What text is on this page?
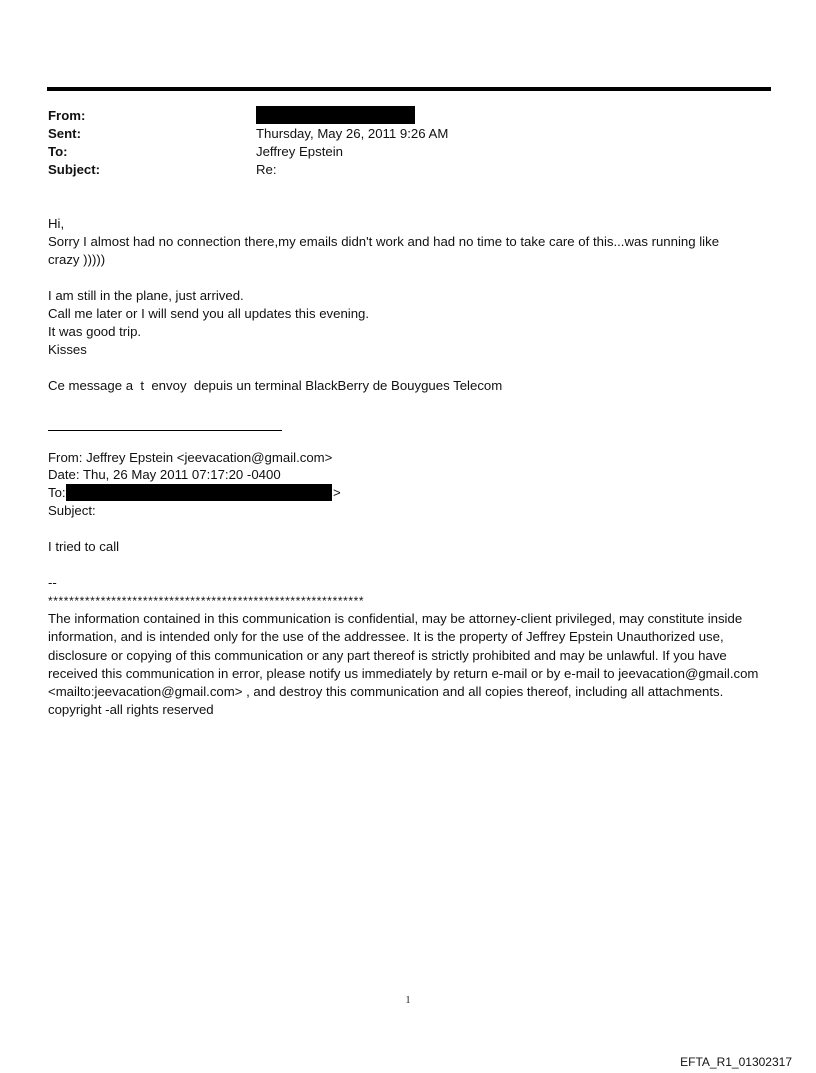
From:
Sent:	Thursday, May 26, 2011 9:26 AM
To:	Jeffrey Epstein
Subject:	Re:
Hi,
Sorry I almost had no connection there,my emails didn't work and had no time to take care of this...was running like crazy )))))
I am still in the plane, just arrived.
Call me later or I will send you all updates this evening.
It was good trip.
Kisses
Ce message a  t  envoy  depuis un terminal BlackBerry de Bouygues Telecom
From: Jeffrey Epstein <jeevacation@gmail.com>
Date: Thu, 26 May 2011 07:17:20 -0400
To:	>
Subject:
I tried to call
--
************************************************************
The information contained in this communication is confidential, may be attorney-client privileged, may constitute inside information, and is intended only for the use of the addressee. It is the property of Jeffrey Epstein Unauthorized use, disclosure or copying of this communication or any part thereof is strictly prohibited and may be unlawful. If you have received this communication in error, please notify us immediately by return e-mail or by e-mail to jeevacation@gmail.com <mailto:jeevacation@gmail.com> , and destroy this communication and all copies thereof, including all attachments. copyright -all rights reserved
1
EFTA_R1_01302317
